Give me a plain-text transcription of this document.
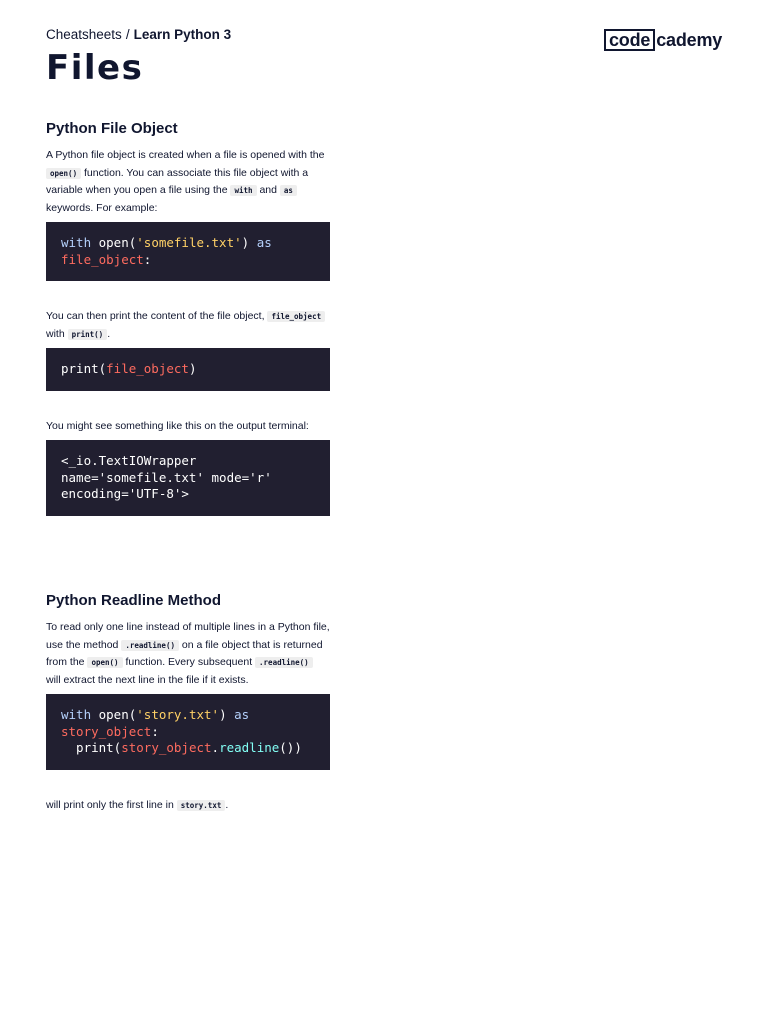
Cheatsheets / Learn Python 3	code cademy
Files
Python File Object

A Python file object is created when a file is opened with the open() function. You can associate this file object with a variable when you open a file using the with and as keywords. For example:

with open('somefile.txt') as
file_object:

You can then print the content of the file object, file_object with print() .

print(file_object)

You might see something like this on the output terminal:

<_io.TextIOWrapper
name='somefile.txt' mode='r'
encoding='UTF-8'>
Python Readline Method

To read only one line instead of multiple lines in a Python file, use the method .readline() on a file object that is returned from the open() function. Every subsequent .readline() will extract the next line in the file if it exists.

with open('story.txt') as
story_object:
print(story_object.readline())

will print only the first line in story.txt .
